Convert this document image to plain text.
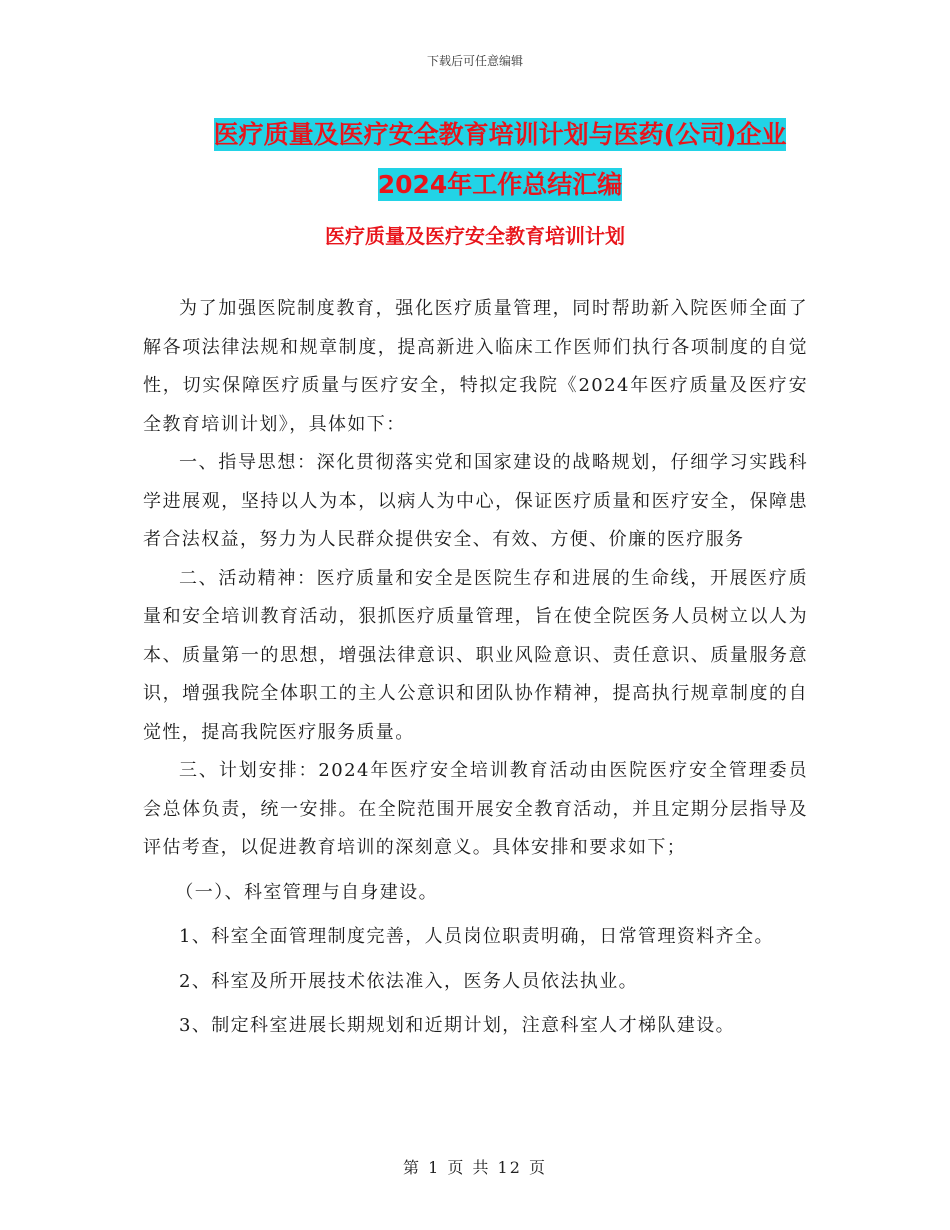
下载后可任意编辑
医疗质量及医疗安全教育培训计划与医药(公司)企业
2024年工作总结汇编
医疗质量及医疗安全教育培训计划

为了加强医院制度教育，强化医疗质量管理，同时帮助新入院医师全面了解各项法律法规和规章制度，提高新进入临床工作医师们执行各项制度的自觉性，切实保障医疗质量与医疗安全，特拟定我院《2024年医疗质量及医疗安全教育培训计划》，具体如下：

一、指导思想：深化贯彻落实党和国家建设的战略规划，仔细学习实践科学进展观，坚持以人为本，以病人为中心，保证医疗质量和医疗安全，保障患者合法权益，努力为人民群众提供安全、有效、方便、价廉的医疗服务

二、活动精神：医疗质量和安全是医院生存和进展的生命线，开展医疗质量和安全培训教育活动，狠抓医疗质量管理，旨在使全院医务人员树立以人为本、质量第一的思想，增强法律意识、职业风险意识、责任意识、质量服务意识，增强我院全体职工的主人公意识和团队协作精神，提高执行规章制度的自觉性，提高我院医疗服务质量。

三、计划安排：2024年医疗安全培训教育活动由医院医疗安全管理委员会总体负责，统一安排。在全院范围开展安全教育活动，并且定期分层指导及评估考查，以促进教育培训的深刻意义。具体安排和要求如下；

（一）、科室管理与自身建设。

1、科室全面管理制度完善，人员岗位职责明确，日常管理资料齐全。

2、科室及所开展技术依法准入，医务人员依法执业。

3、制定科室进展长期规划和近期计划，注意科室人才梯队建设。

第 1 页 共 12 页
